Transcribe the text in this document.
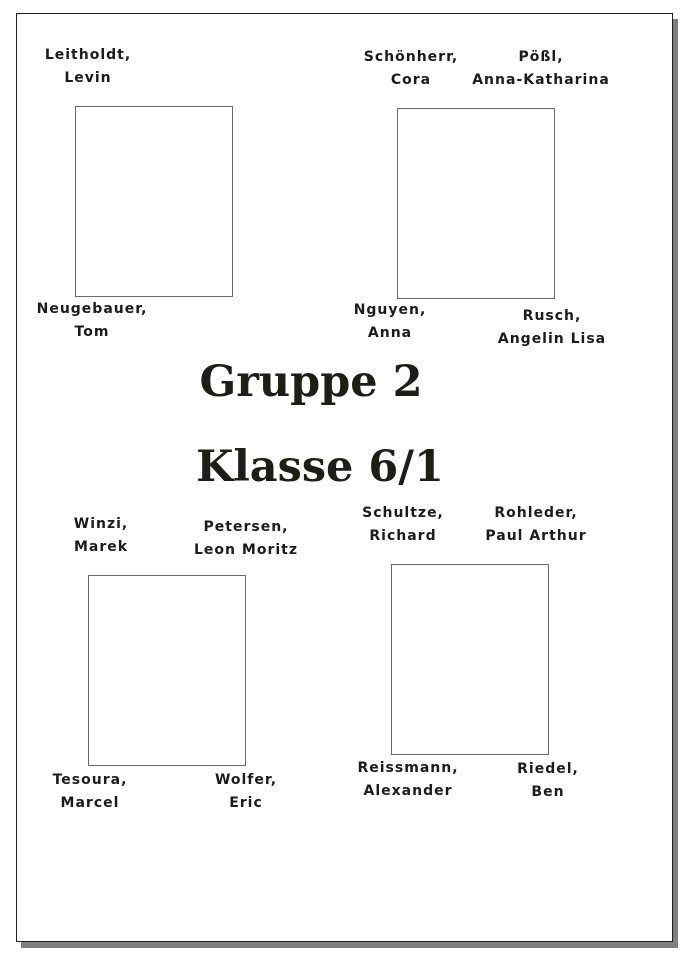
Leitholdt,
Levin
Neugebauer,
Tom
Schönherr,
Cora
Pößl,
Anna-Katharina
Nguyen,
Anna
Rusch,
Angelin Lisa
Gruppe 2
Klasse 6/1
Winzi,
Marek
Petersen,
Leon Moritz
Tesoura,
Marcel
Wolfer,
Eric
Schultze,
Richard
Rohleder,
Paul Arthur
Reissmann,
Alexander
Riedel,
Ben
